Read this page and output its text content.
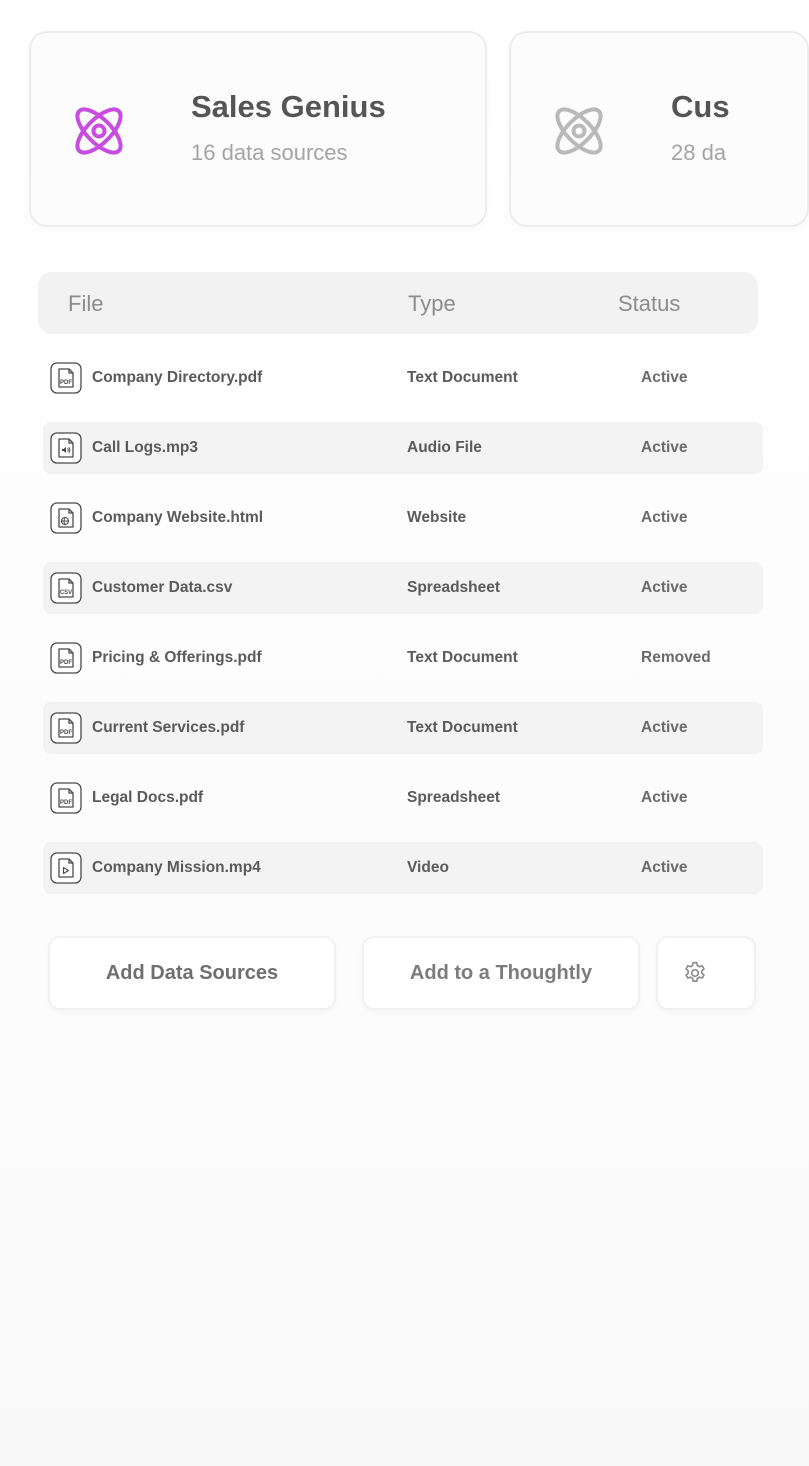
Sales Genius
16 data sources
Cus
28 da
File	Type	Status
PDF Company Directory.pdf	Text Document	Active
Call Logs.mp3	Audio File	Active
Company Website.html	Website	Active
CSV Customer Data.csv	Spreadsheet	Active
PDF Pricing & Offerings.pdf	Text Document	Removed
PDF Current Services.pdf	Text Document	Active
PDF Legal Docs.pdf	Spreadsheet	Active
Company Mission.mp4	Video	Active
Add Data Sources	Add to a Thoughtly
